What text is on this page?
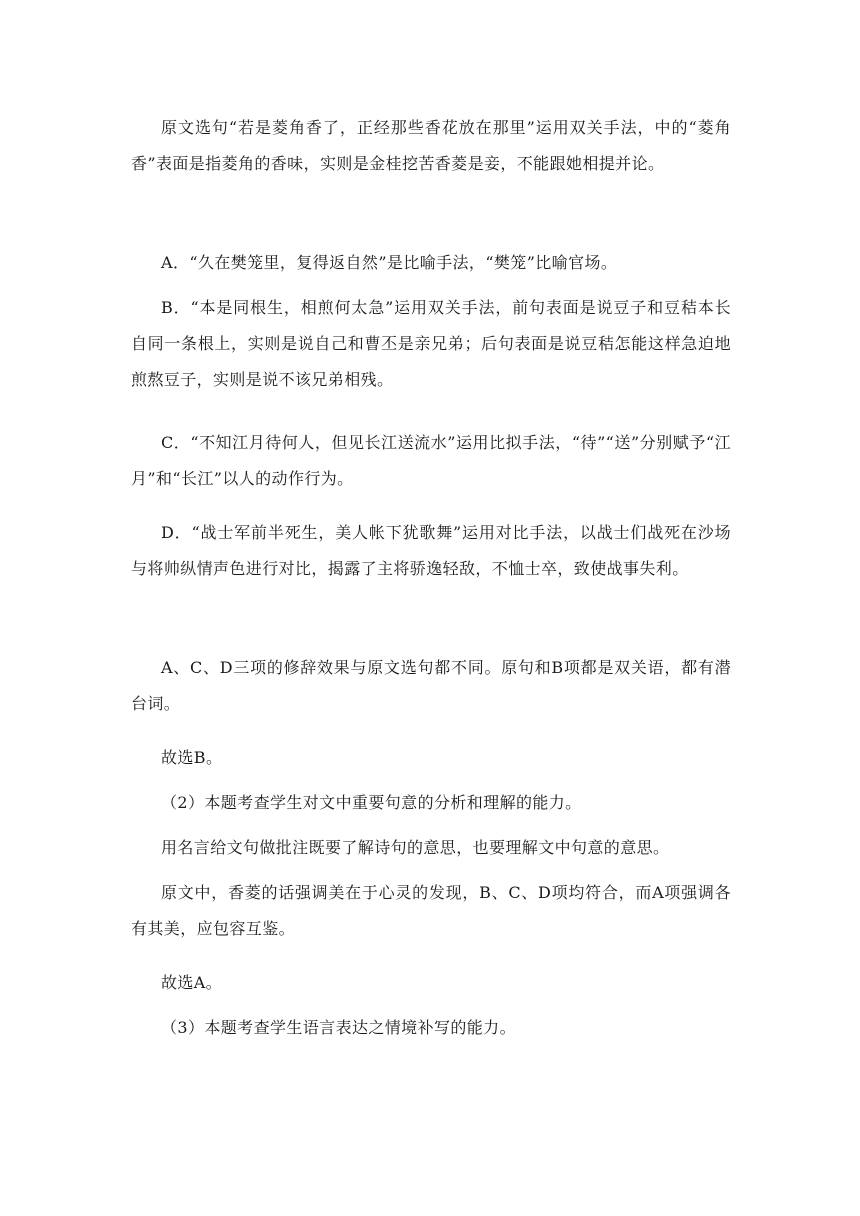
原文选句“若是菱角香了，正经那些香花放在那里”运用双关手法，中的“菱角香”表面是指菱角的香味，实则是金桂挖苦香菱是妾，不能跟她相提并论。

A．“久在樊笼里，复得返自然”是比喻手法，“樊笼”比喻官场。

B．“本是同根生，相煎何太急”运用双关手法，前句表面是说豆子和豆秸本长自同一条根上，实则是说自己和曹丕是亲兄弟；后句表面是说豆秸怎能这样急迫地煎熬豆子，实则是说不该兄弟相残。

C．“不知江月待何人，但见长江送流水”运用比拟手法，“待”“送”分别赋予“江月”和“长江”以人的动作行为。

D．“战士军前半死生，美人帐下犹歌舞”运用对比手法，以战士们战死在沙场与将帅纵情声色进行对比，揭露了主将骄逸轻敌，不恤士卒，致使战事失利。

A、C、D三项的修辞效果与原文选句都不同。原句和B项都是双关语，都有潜台词。

故选B。

（2）本题考查学生对文中重要句意的分析和理解的能力。

用名言给文句做批注既要了解诗句的意思，也要理解文中句意的意思。

原文中，香菱的话强调美在于心灵的发现，B、C、D项均符合，而A项强调各有其美，应包容互鉴。

故选A。

（3）本题考查学生语言表达之情境补写的能力。
